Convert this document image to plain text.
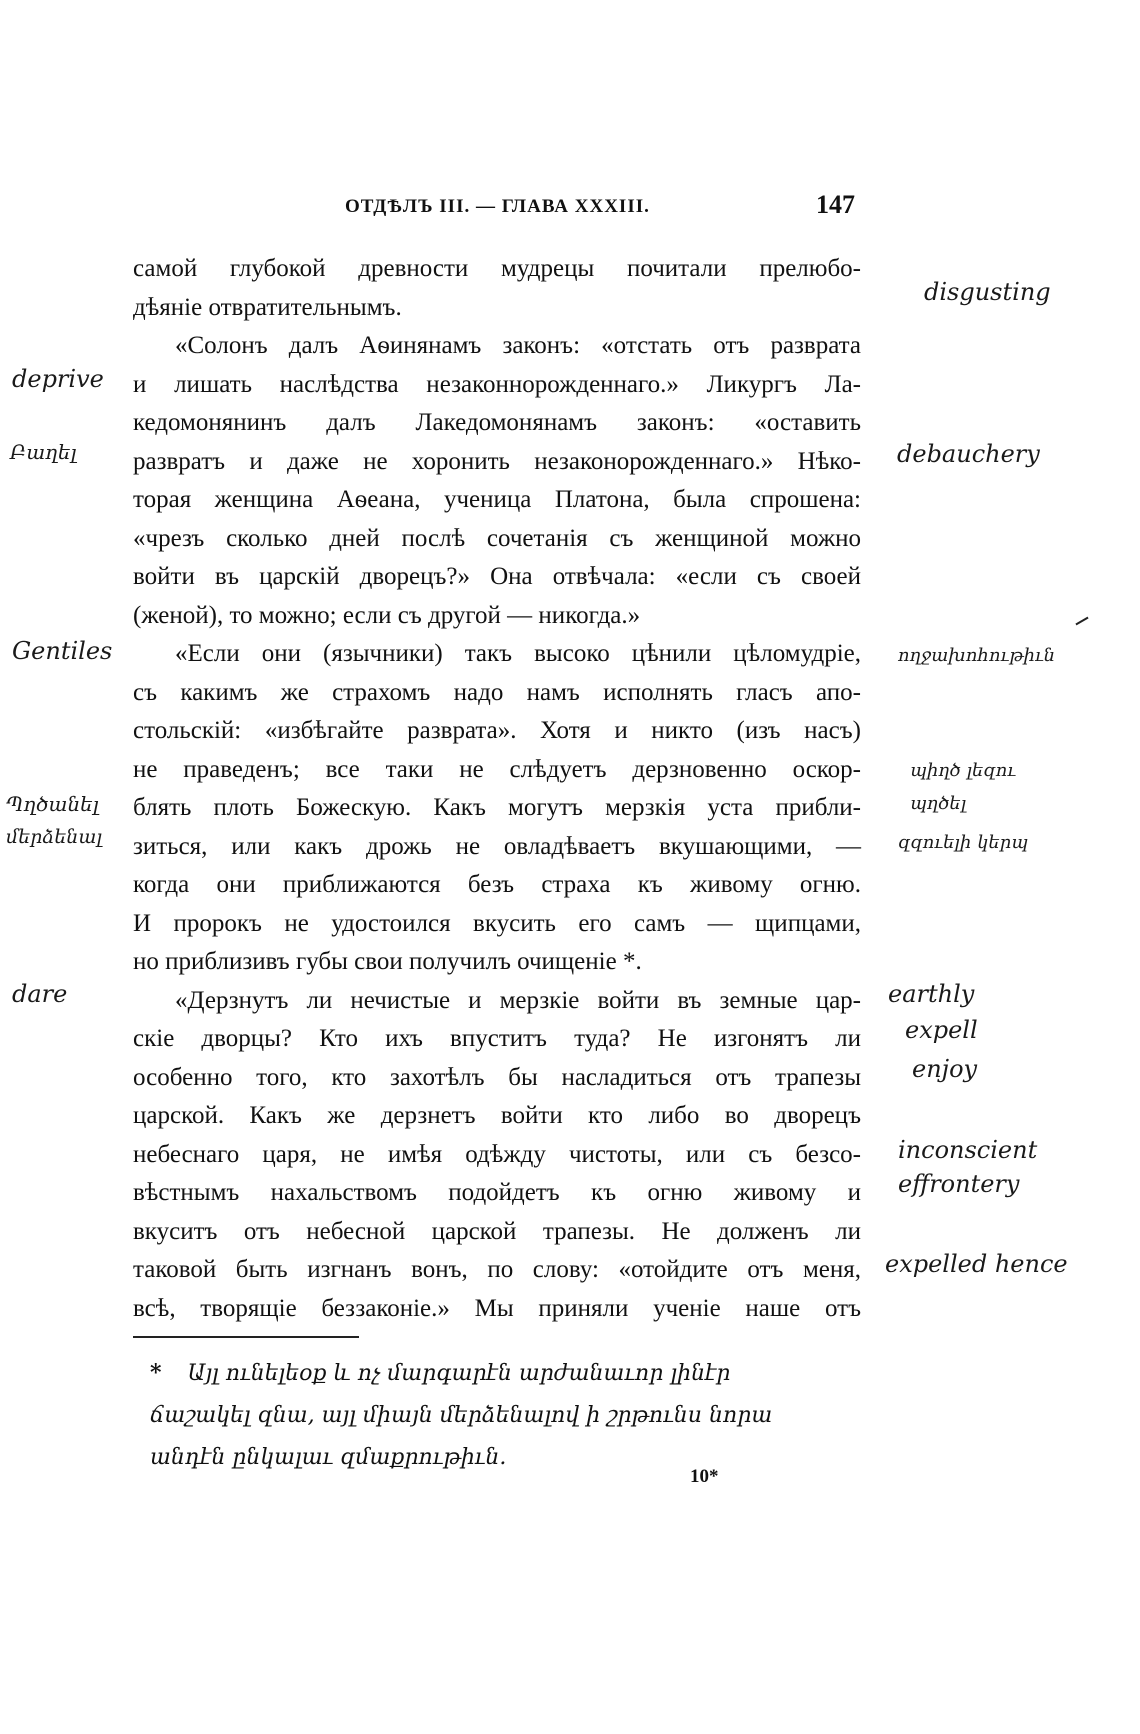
ОТДѢЛЪ III. — ГЛАВА XXXIII.	147
самой глубокой древности мудрецы почитали прелюбо-
дѣяніе отвратительнымъ.
«Солонъ далъ Аѳинянамъ законъ: «отстать отъ разврата
и лишать наслѣдства незаконнорожденнаго.» Ликургъ Ла-
кедомонянинъ далъ Лакедомонянамъ законъ: «оставить
развратъ и даже не хоронить незаконорожденнаго.» Нѣко-
торая женщина Аѳеана, ученица Платона, была спрошена:
«чрезъ сколько дней послѣ сочетанія съ женщиной можно
войти въ царскій дворецъ?» Она отвѣчала: «если съ своей
(женой), то можно; если съ другой — никогда.»
«Если они (язычники) такъ высоко цѣнили цѣломудріе,
съ какимъ же страхомъ надо намъ исполнять гласъ апо-
стольскій: «избѣгайте разврата». Хотя и никто (изъ насъ)
не праведенъ; все таки не слѣдуетъ дерзновенно оскор-
блять плоть Божескую. Какъ могутъ мерзкія уста прибли-
зиться, или какъ дрожь не овладѣваетъ вкушающими, —
когда они приближаются безъ страха къ живому огню.
И пророкъ не удостоился вкусить его самъ — щипцами,
но приблизивъ губы свои получилъ очищеніе *.
«Дерзнутъ ли нечистые и мерзкіе войти въ земные цар-
скіе дворцы? Кто ихъ впуститъ туда? Не изгонятъ ли
особенно того, кто захотѣлъ бы насладиться отъ трапезы
царской. Какъ же дерзнетъ войти кто либо во дворецъ
небеснаго царя, не имѣя одѣжду чистоты, или съ безсо-
вѣстнымъ нахальствомъ подойдетъ къ огню живому и
вкуситъ отъ небесной царской трапезы. Не долженъ ли
таковой быть изгнанъ вонъ, по слову: «отойдите отъ меня,
всѣ, творящіе беззаконіе.» Мы приняли ученіе наше отъ
* Այլ ունելեօք և ոչ մարգարէն արժանաւոր լինէր
ճաշակել զնա, այլ միայն մերձենալով ի շրթունս նորա
անդէն ընկալաւ զմաքրութիւն.
10*
deprive
Բաղել
Gentiles
Պղծանել
մերձենալ
dare
disgusting
debauchery
ողջախոհութիւն
պիղծ լեզու
պղծել
զզուելի կերպ
earthly
expell
enjoy
inconscient
effrontery
expelled hence
